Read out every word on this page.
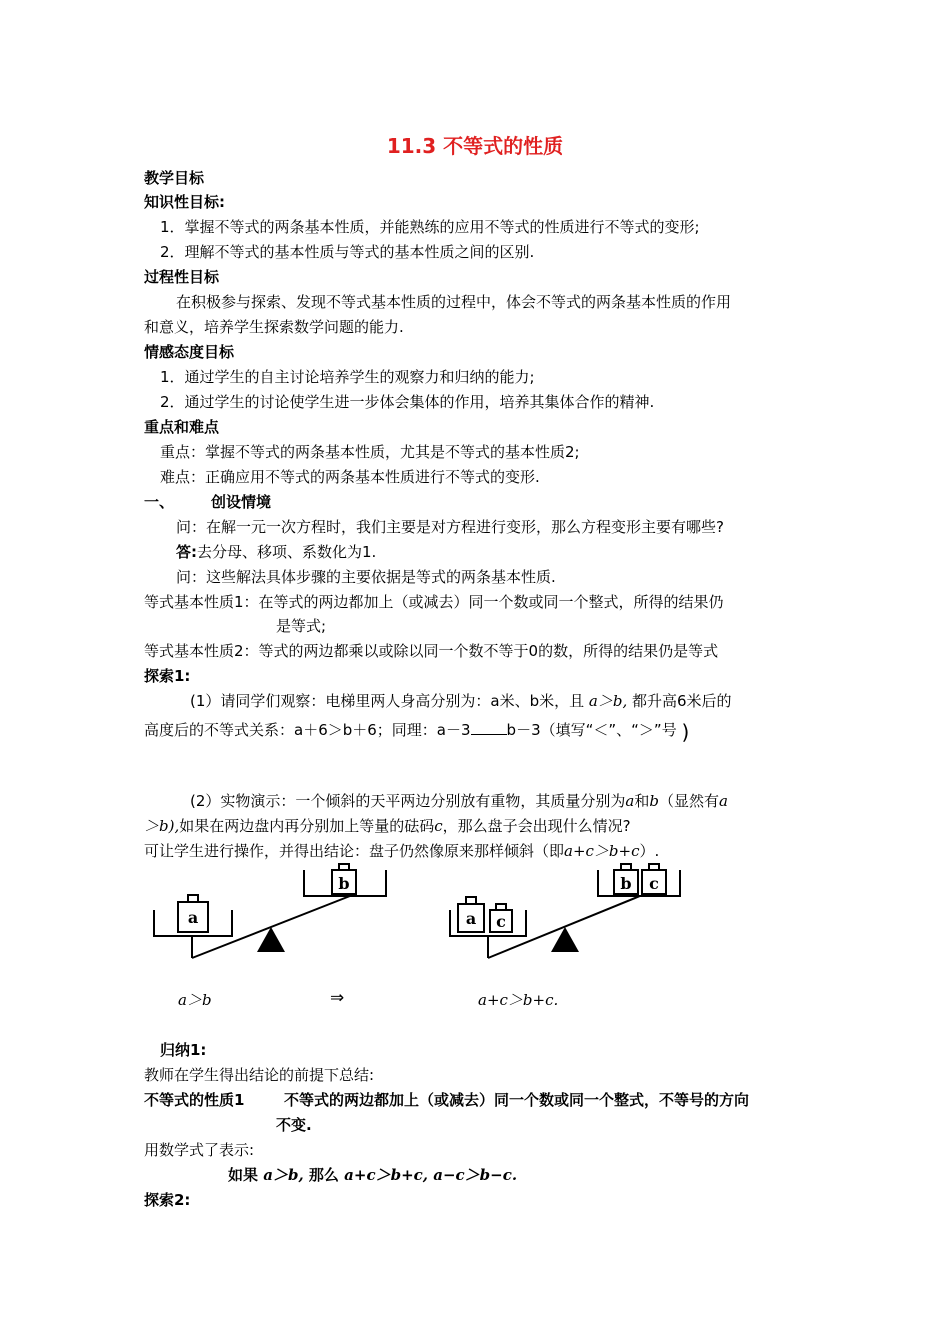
11.3 不等式的性质
教学目标
知识性目标:
1．掌握不等式的两条基本性质，并能熟练的应用不等式的性质进行不等式的变形;
2．理解不等式的基本性质与等式的基本性质之间的区别.
过程性目标
在积极参与探索、发现不等式基本性质的过程中，体会不等式的两条基本性质的作用
和意义，培养学生探索数学问题的能力.
情感态度目标
1．通过学生的自主讨论培养学生的观察力和归纳的能力;
2．通过学生的讨论使学生进一步体会集体的作用，培养其集体合作的精神.
重点和难点
重点：掌握不等式的两条基本性质，尤其是不等式的基本性质2;
难点：正确应用不等式的两条基本性质进行不等式的变形.
一、 创设情境
问：在解一元一次方程时，我们主要是对方程进行变形，那么方程变形主要有哪些?
答:去分母、移项、系数化为1.
问：这些解法具体步骤的主要依据是等式的两条基本性质.
等式基本性质1：在等式的两边都加上（或减去）同一个数或同一个整式，所得的结果仍
是等式;
等式基本性质2：等式的两边都乘以或除以同一个数不等于0的数，所得的结果仍是等式
探索1:
(1）请同学们观察：电梯里两人身高分别为：a米、b米，且 a＞b, 都升高6米后的
高度后的不等式关系：a＋6＞b＋6；同理：a－3 b－3（填写“＜”、“＞”号 )
(2）实物演示：一个倾斜的天平两边分别放有重物，其质量分别为a和b（显然有a
＞b),如果在两边盘内再分别加上等量的砝码c，那么盘子会出现什么情况?
可让学生进行操作，并得出结论：盘子仍然像原来那样倾斜（即a+c＞b+c）.
a
b
a c
b c
a＞b	⇒	a+c＞b+c.
归纳1:
教师在学生得出结论的前提下总结:
不等式的性质1	不等式的两边都加上（或减去）同一个数或同一个整式，不等号的方向
不变.
用数学式了表示:
如果 a＞b, 那么 a+c＞b+c, a−c＞b−c.
探索2:
